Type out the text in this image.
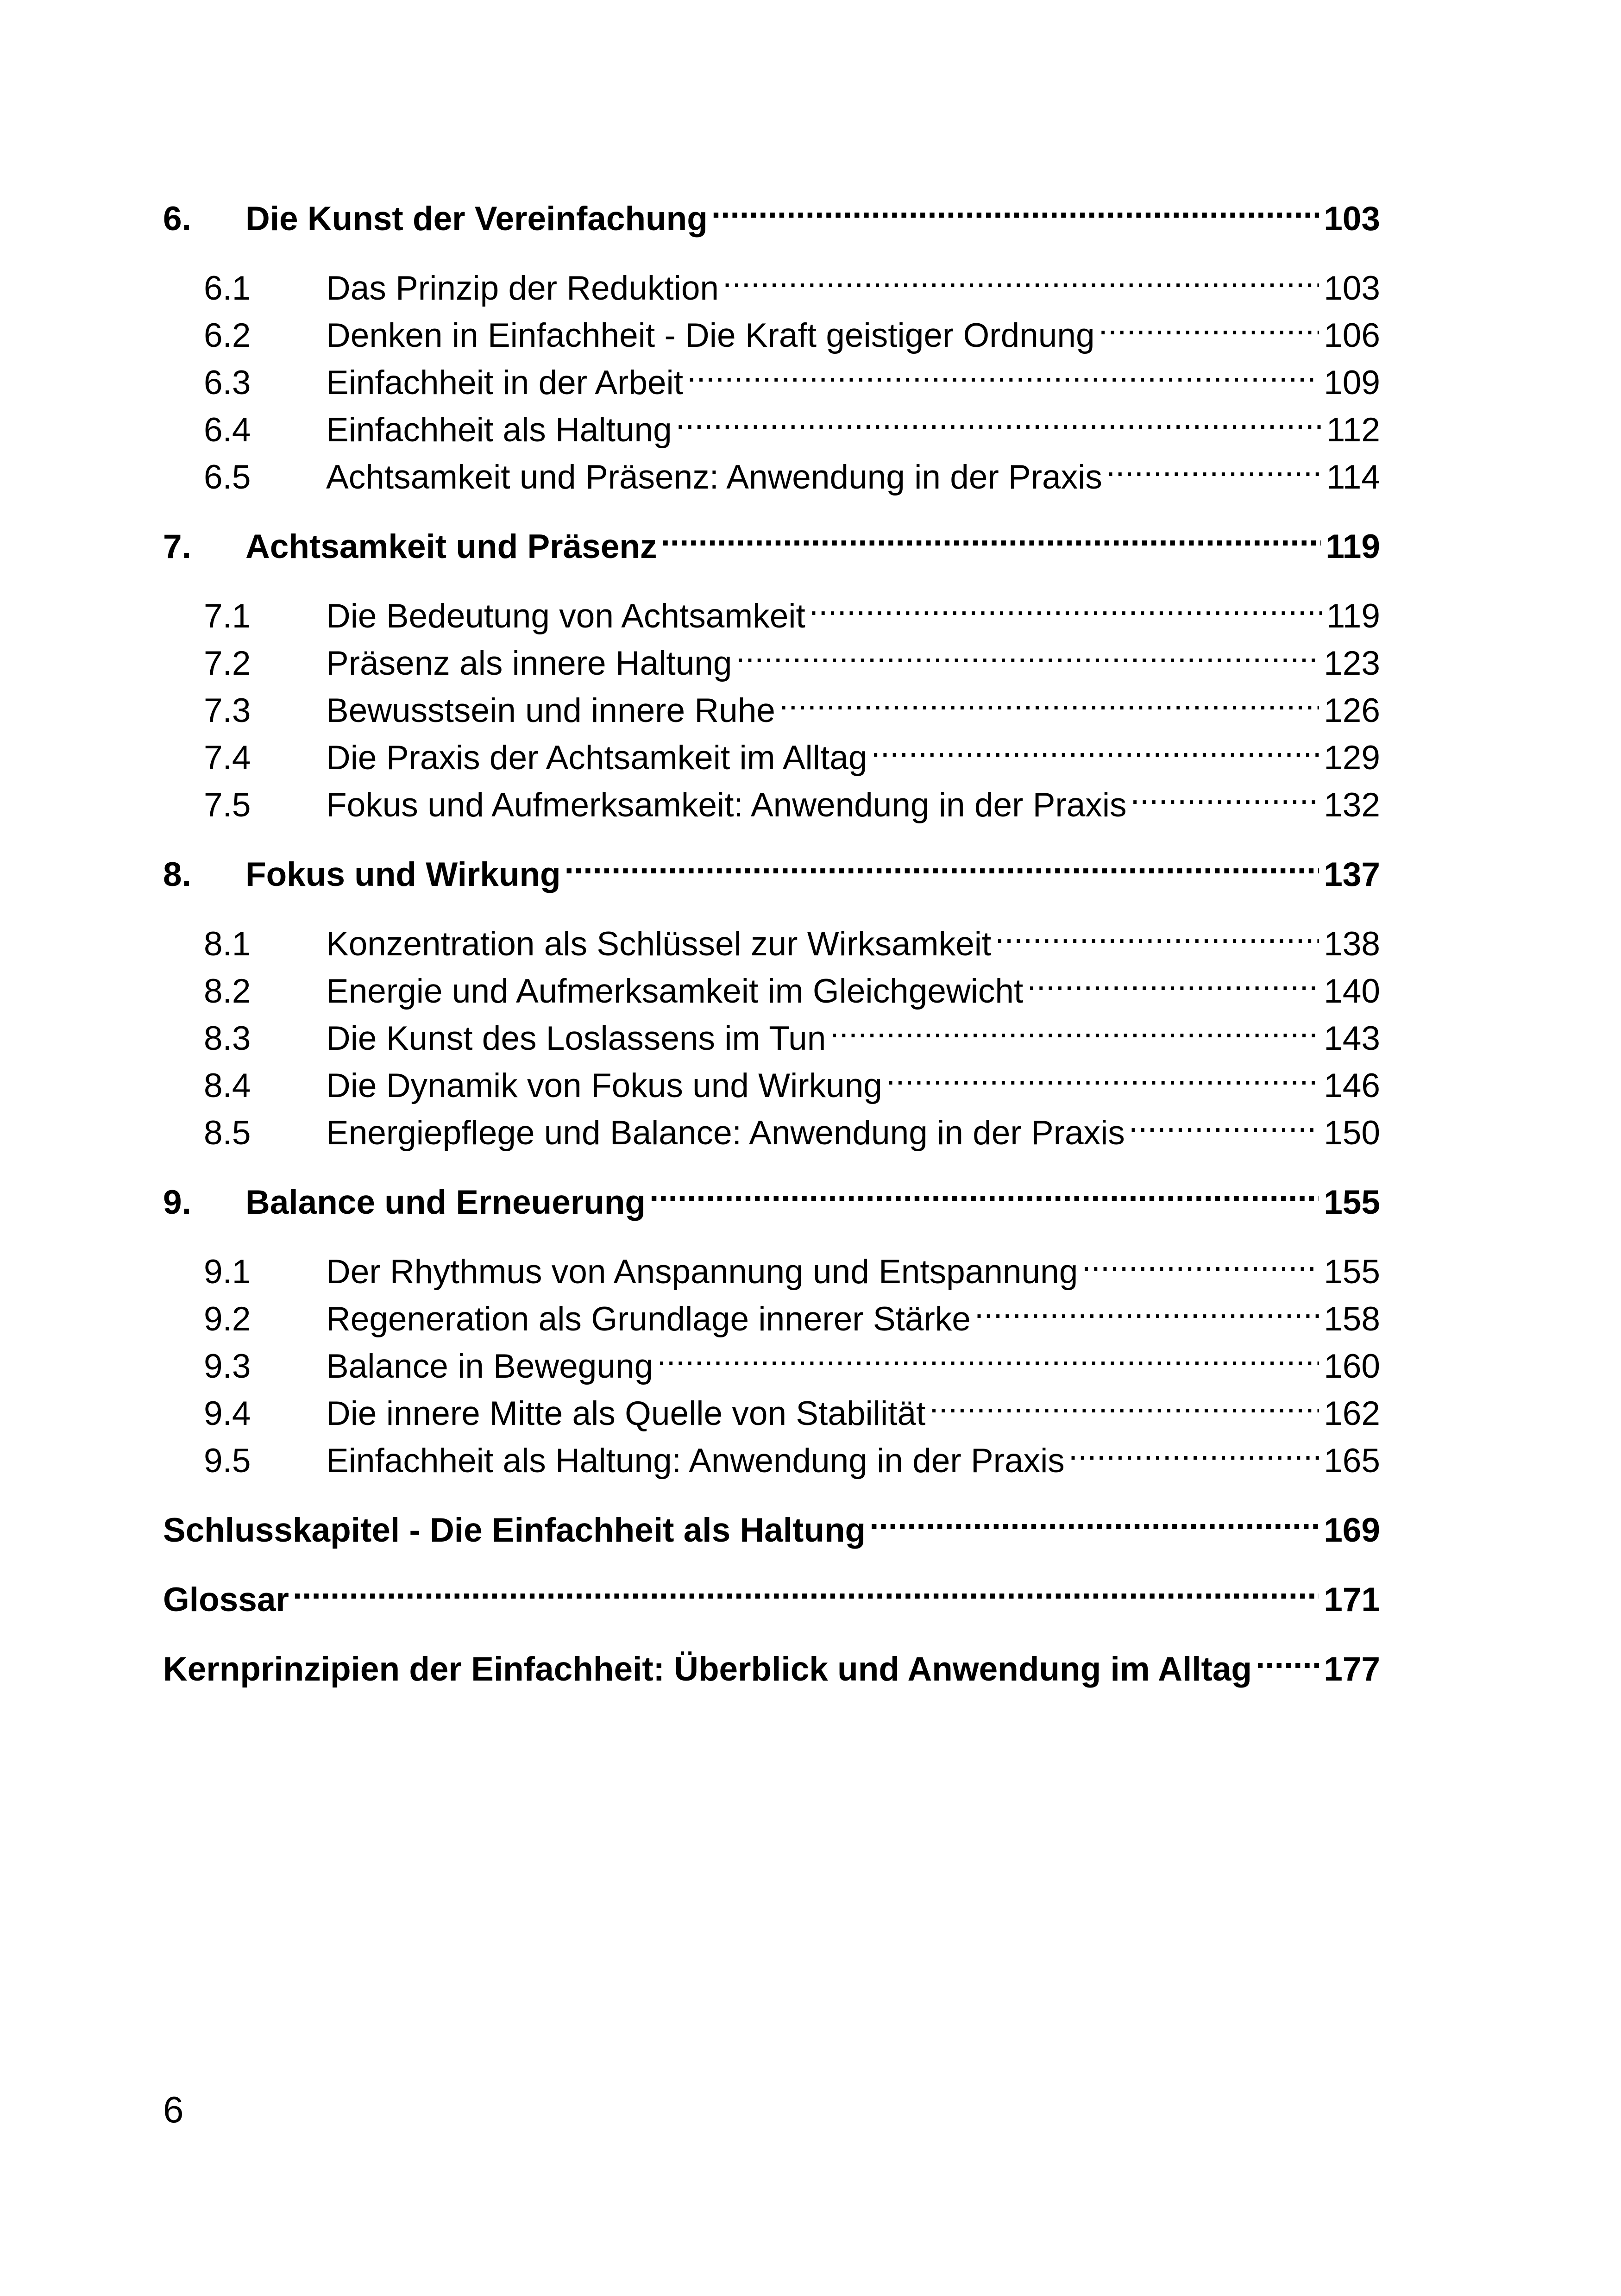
6.	Die Kunst der Vereinfachung .....	103
6.1	Das Prinzip der Reduktion .....	103
6.2	Denken in Einfachheit - Die Kraft geistiger Ordnung .....	106
6.3	Einfachheit in der Arbeit .....	109
6.4	Einfachheit als Haltung .....	112
6.5	Achtsamkeit und Präsenz: Anwendung in der Praxis .....	114
7.	Achtsamkeit und Präsenz .....	119
7.1	Die Bedeutung von Achtsamkeit .....	119
7.2	Präsenz als innere Haltung .....	123
7.3	Bewusstsein und innere Ruhe .....	126
7.4	Die Praxis der Achtsamkeit im Alltag .....	129
7.5	Fokus und Aufmerksamkeit: Anwendung in der Praxis .....	132
8.	Fokus und Wirkung .....	137
8.1	Konzentration als Schlüssel zur Wirksamkeit .....	138
8.2	Energie und Aufmerksamkeit im Gleichgewicht .....	140
8.3	Die Kunst des Loslassens im Tun .....	143
8.4	Die Dynamik von Fokus und Wirkung .....	146
8.5	Energiepflege und Balance: Anwendung in der Praxis .....	150
9.	Balance und Erneuerung .....	155
9.1	Der Rhythmus von Anspannung und Entspannung .....	155
9.2	Regeneration als Grundlage innerer Stärke .....	158
9.3	Balance in Bewegung .....	160
9.4	Die innere Mitte als Quelle von Stabilität .....	162
9.5	Einfachheit als Haltung: Anwendung in der Praxis .....	165
Schlusskapitel - Die Einfachheit als Haltung .....	169
Glossar .....	171
Kernprinzipien der Einfachheit: Überblick und Anwendung im Alltag ..... 177
6
